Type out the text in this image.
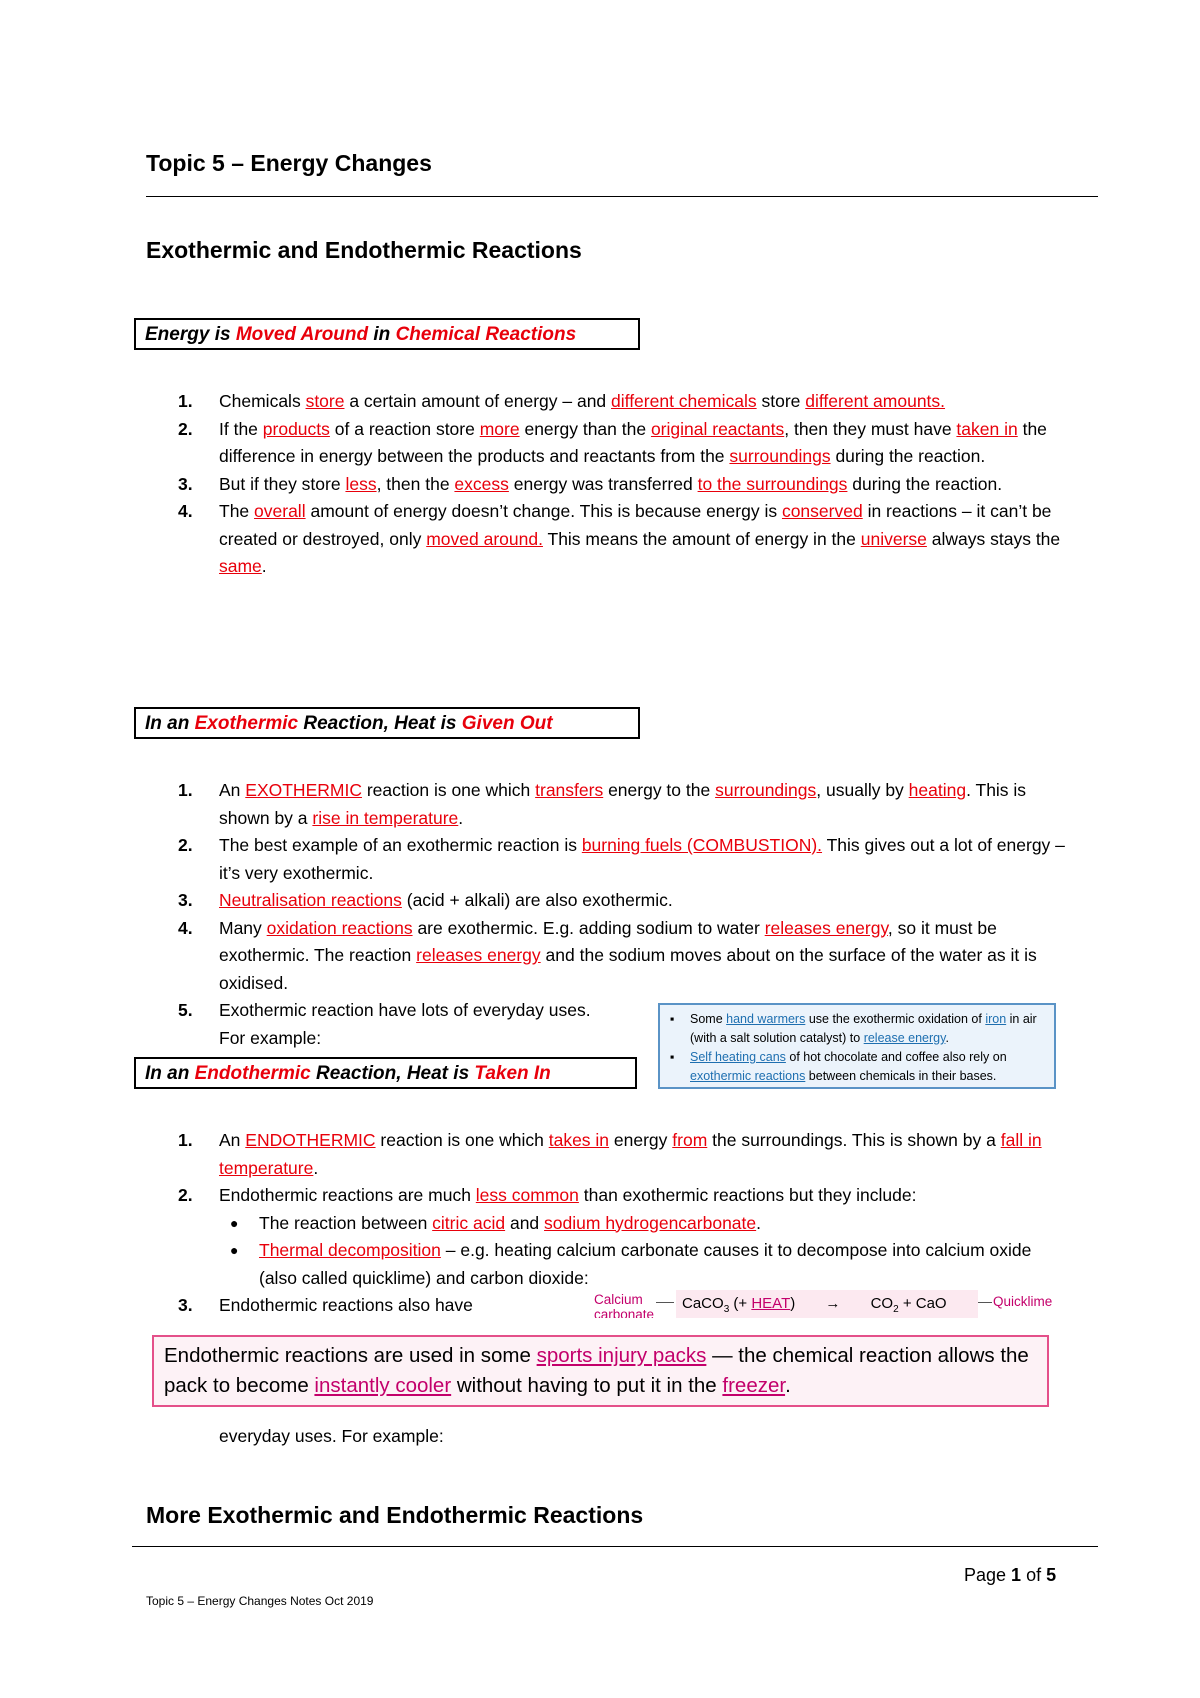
Topic 5 – Energy Changes
Exothermic and Endothermic Reactions
Energy is Moved Around in Chemical Reactions
1. Chemicals store a certain amount of energy – and different chemicals store different amounts.
2. If the products of a reaction store more energy than the original reactants, then they must have taken in the difference in energy between the products and reactants from the surroundings during the reaction.
3. But if they store less, then the excess energy was transferred to the surroundings during the reaction.
4. The overall amount of energy doesn’t change. This is because energy is conserved in reactions – it can’t be created or destroyed, only moved around. This means the amount of energy in the universe always stays the same.
In an Exothermic Reaction, Heat is Given Out
1. An EXOTHERMIC reaction is one which transfers energy to the surroundings, usually by heating. This is shown by a rise in temperature.
2. The best example of an exothermic reaction is burning fuels (COMBUSTION). This gives out a lot of energy – it’s very exothermic.
3. Neutralisation reactions (acid + alkali) are also exothermic.
4. Many oxidation reactions are exothermic. E.g. adding sodium to water releases energy, so it must be exothermic. The reaction releases energy and the sodium moves about on the surface of the water as it is oxidised.
5. Exothermic reaction have lots of everyday uses. For example:
▪ Some hand warmers use the exothermic oxidation of iron in air (with a salt solution catalyst) to release energy.
▪ Self heating cans of hot chocolate and coffee also rely on exothermic reactions between chemicals in their bases.
In an Endothermic Reaction, Heat is Taken In
1. An ENDOTHERMIC reaction is one which takes in energy from the surroundings. This is shown by a fall in temperature.
2. Endothermic reactions are much less common than exothermic reactions but they include:
● The reaction between citric acid and sodium hydrogencarbonate.
● Thermal decomposition – e.g. heating calcium carbonate causes it to decompose into calcium oxide (also called quicklime) and carbon dioxide:
3. Endothermic reactions also have	Calcium
carbonate
CaCO$_3$ (+ HEAT) → $CO_2$ + CaO	Quicklime
Endothermic reactions are used in some sports injury packs — the chemical reaction allows the pack to become instantly cooler without having to put it in the freezer.
everyday uses. For example:
More Exothermic and Endothermic Reactions
Page 1 of 5
Topic 5 – Energy Changes Notes Oct 2019
